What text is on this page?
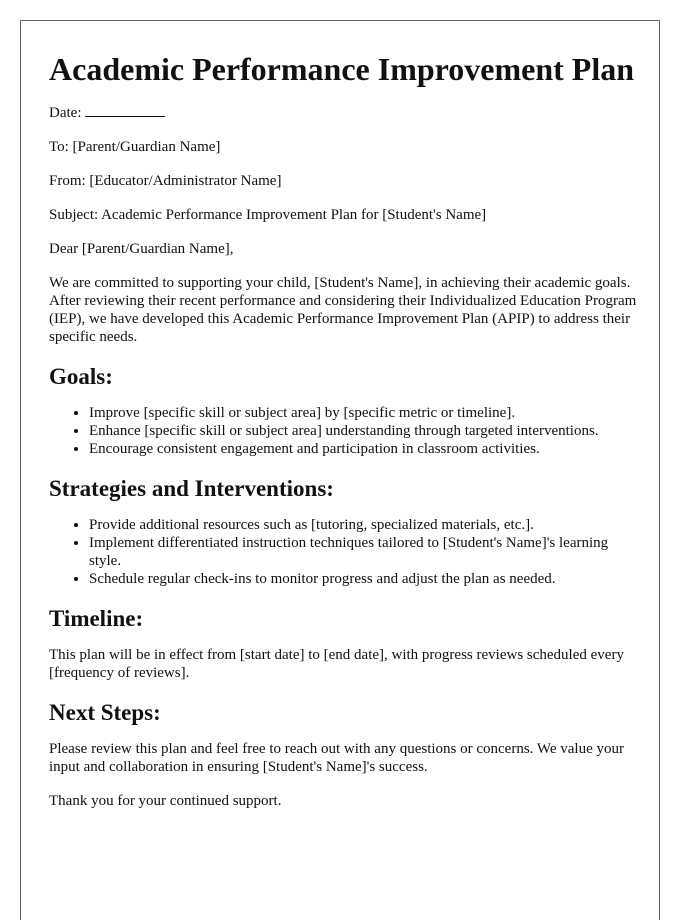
Academic Performance Improvement Plan

Date:

To: [Parent/Guardian Name]

From: [Educator/Administrator Name]

Subject: Academic Performance Improvement Plan for [Student's Name]

Dear [Parent/Guardian Name],

We are committed to supporting your child, [Student's Name], in achieving their academic goals. After reviewing their recent performance and considering their Individualized Education Program (IEP), we have developed this Academic Performance Improvement Plan (APIP) to address their specific needs.

Goals:
• Improve [specific skill or subject area] by [specific metric or timeline].
• Enhance [specific skill or subject area] understanding through targeted interventions.
• Encourage consistent engagement and participation in classroom activities.
Strategies and Interventions:
• Provide additional resources such as [tutoring, specialized materials, etc.].
• Implement differentiated instruction techniques tailored to [Student's Name]'s learning style.
• Schedule regular check-ins to monitor progress and adjust the plan as needed.
Timeline:

This plan will be in effect from [start date] to [end date], with progress reviews scheduled every [frequency of reviews].

Next Steps:

Please review this plan and feel free to reach out with any questions or concerns. We value your input and collaboration in ensuring [Student's Name]'s success.

Thank you for your continued support.
